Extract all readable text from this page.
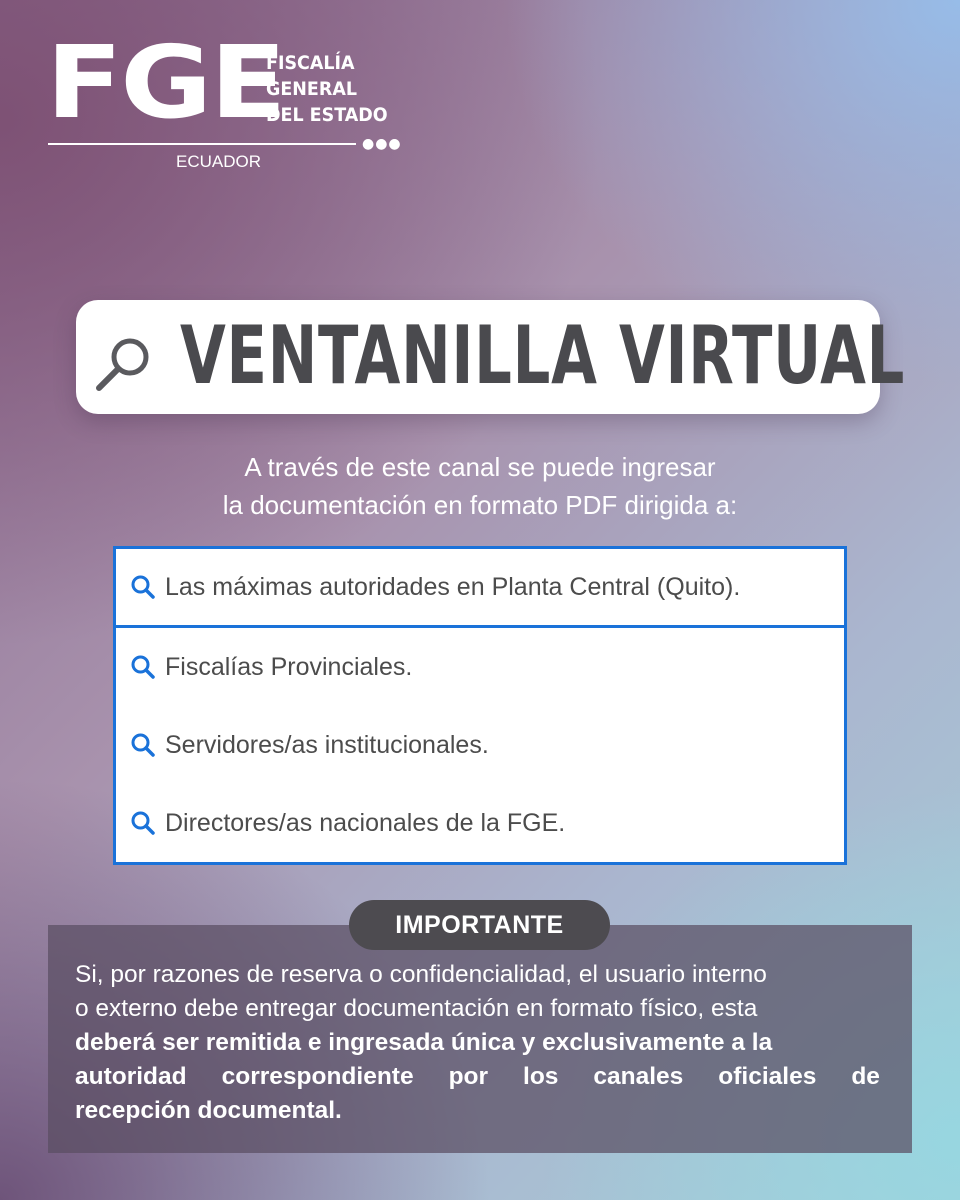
FGE
FISCALÍA
GENERAL
DEL ESTADO
●●●
ECUADOR
VENTANILLA VIRTUAL
A través de este canal se puede ingresar
la documentación en formato PDF dirigida a:
Las máximas autoridades en Planta Central (Quito).
Fiscalías Provinciales.
Servidores/as institucionales.
Directores/as nacionales de la FGE.
IMPORTANTE
Si, por razones de reserva o confidencialidad, el usuario interno
o externo debe entregar documentación en formato físico, esta
deberá ser remitida e ingresada única y exclusivamente a la
autoridad correspondiente por los canales oficiales de
recepción documental.
